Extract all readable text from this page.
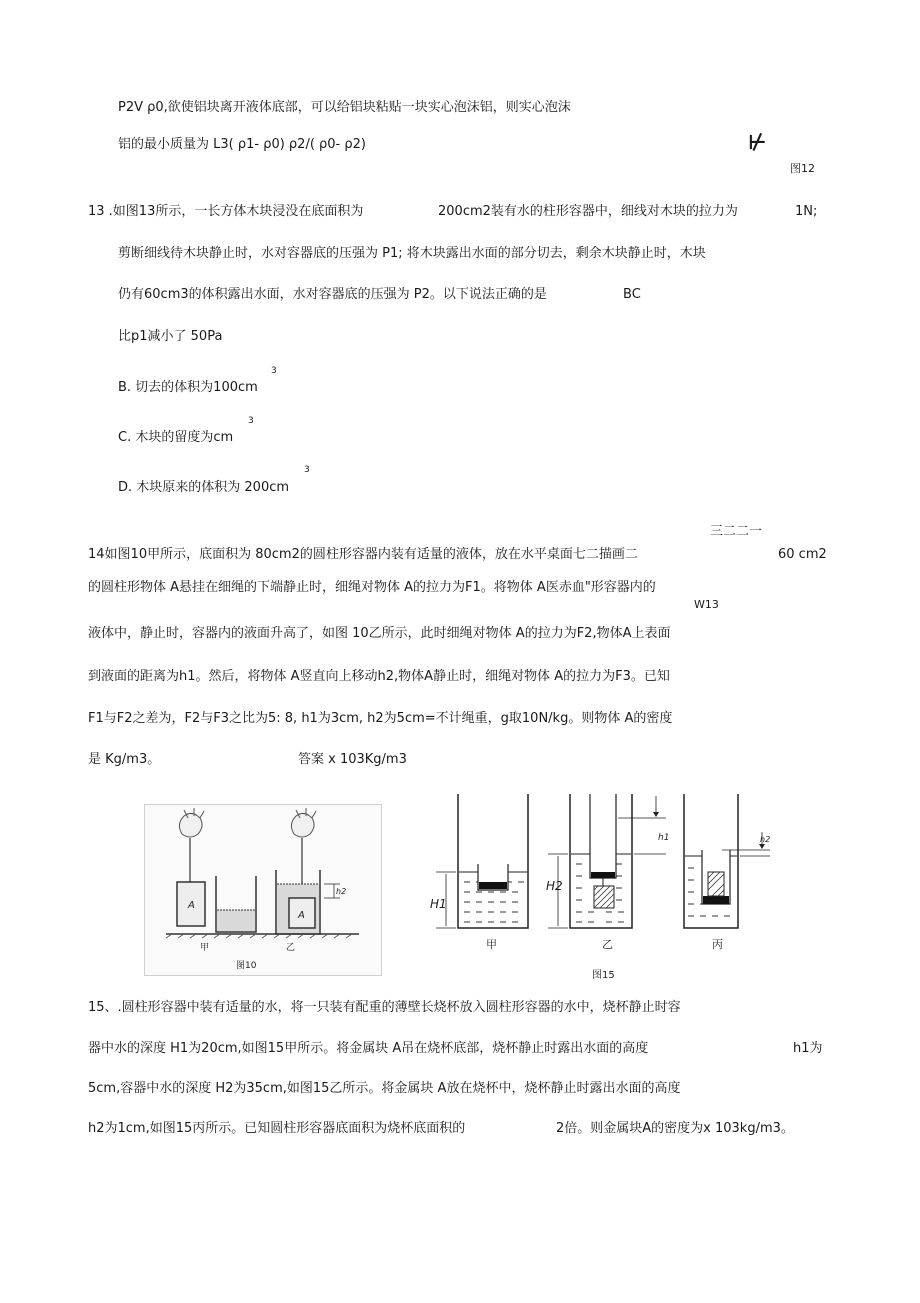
P2V ρ0,欲使铝块离开液体底部，可以给铝块粘贴一块实心泡沫铝，则实心泡沫
铝的最小质量为 L3( ρ1- ρ0) ρ2/( ρ0- ρ2)	⊬
图12
13 .如图13所示，一长方体木块浸没在底面积为	200cm2装有水的柱形容器中，细线对木块的拉力为	1N;
剪断细线待木块静止时，水对容器底的压强为 P1; 将木块露出水面的部分切去，剩余木块静止时，木块
仍有60cm3的体积露出水面，水对容器底的压强为 P2。以下说法正确的是	BC
比p1减小了 50Pa
3
B. 切去的体积为100cm
3
C. 木块的留度为cm
3
D. 木块原来的体积为 200cm
三二二一
14如图10甲所示，底面积为 80cm2的圆柱形容器内装有适量的液体，放在水平桌面七二描画二	60 cm2
的圆柱形物体 A悬挂在细绳的下端静止时，细绳对物体 A的拉力为F1。将物体 A医赤血"形容器内的
W13
液体中，静止时，容器内的液面升高了，如图 10乙所示，此时细绳对物体 A的拉力为F2,物体A上表面
到液面的距离为h1。然后，将物体 A竖直向上移动h2,物体A静止时，细绳对物体 A的拉力为F3。已知
F1与F2之差为，F2与F3之比为5: 8, h1为3cm, h2为5cm=不计绳重，g取10N/kg。则物体 A的密度
是 Kg/m3。	答案 x 103Kg/m3
A
A
h2
甲	乙
图10
H1
甲
H2
h1
乙
h2
丙
图15
15、.圆柱形容器中装有适量的水，将一只装有配重的薄壁长烧杯放入圆柱形容器的水中，烧杯静止时容
器中水的深度 H1为20cm,如图15甲所示。将金属块 A吊在烧杯底部，烧杯静止时露出水面的高度	h1为
5cm,容器中水的深度 H2为35cm,如图15乙所示。将金属块 A放在烧杯中，烧杯静止时露出水面的高度
h2为1cm,如图15丙所示。已知圆柱形容器底面积为烧杯底面积的	2倍。则金属块A的密度为x 103kg/m3。
